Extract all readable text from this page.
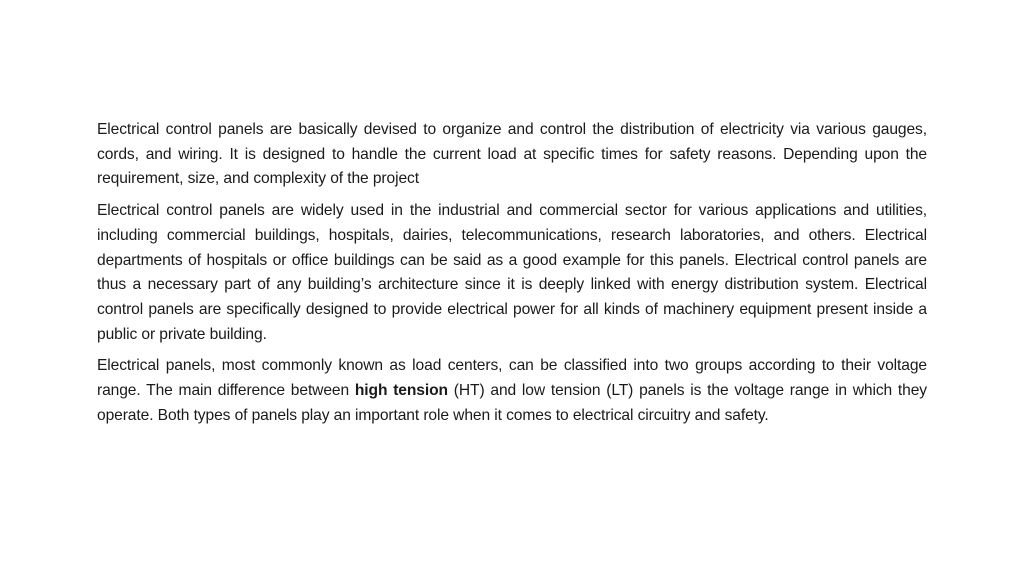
Electrical control panels are basically devised to organize and control the distribution of electricity via various gauges, cords, and wiring. It is designed to handle the current load at specific times for safety reasons. Depending upon the requirement, size, and complexity of the project

Electrical control panels are widely used in the industrial and commercial sector for various applications and utilities, including commercial buildings, hospitals, dairies, telecommunications, research laboratories, and others. Electrical departments of hospitals or office buildings can be said as a good example for this panels. Electrical control panels are thus a necessary part of any building’s architecture since it is deeply linked with energy distribution system. Electrical control panels are specifically designed to provide electrical power for all kinds of machinery equipment present inside a public or private building.

Electrical panels, most commonly known as load centers, can be classified into two groups according to their voltage range. The main difference between high tension (HT) and low tension (LT) panels is the voltage range in which they operate. Both types of panels play an important role when it comes to electrical circuitry and safety.
